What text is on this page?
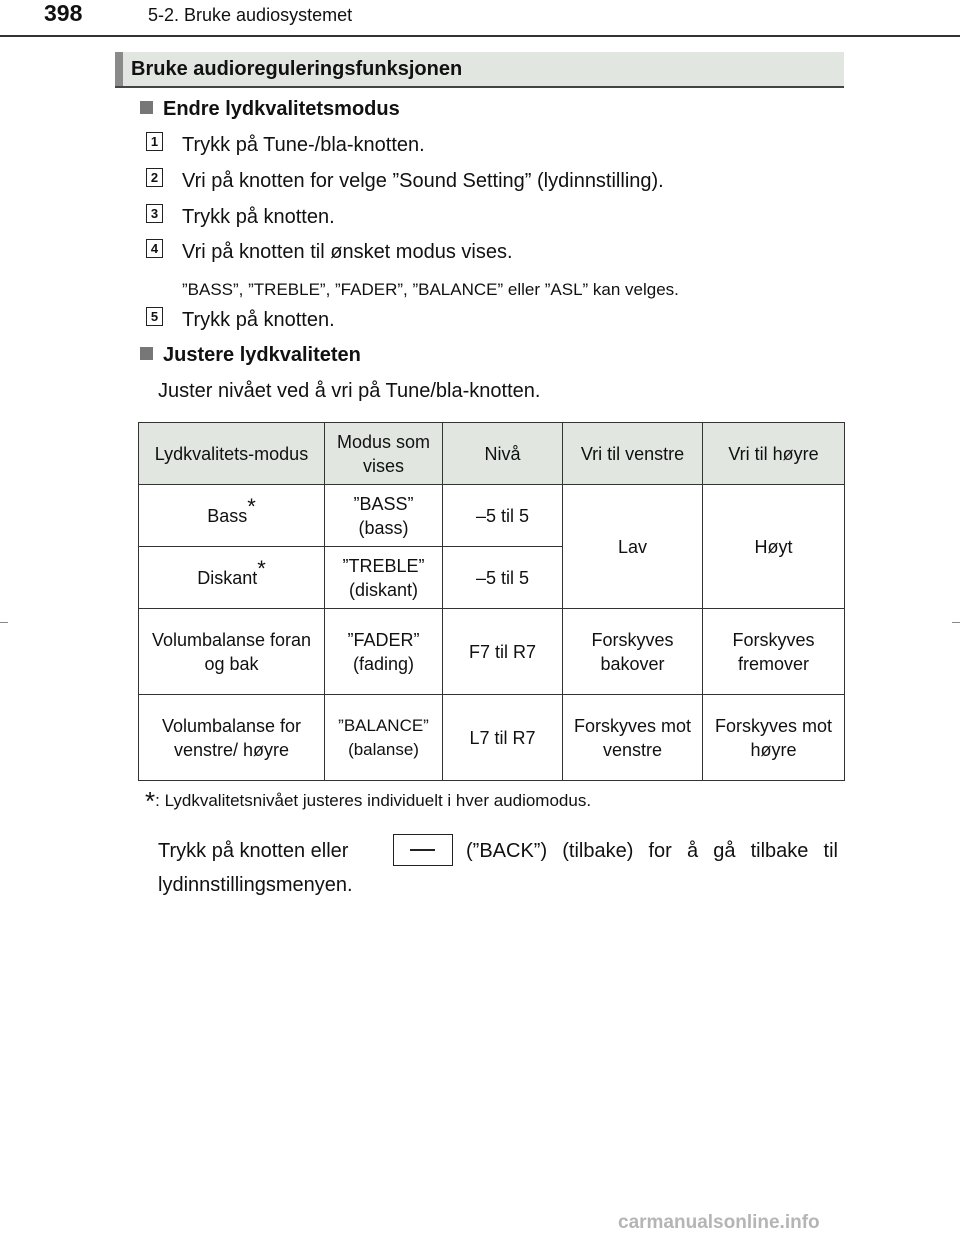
398	5-2. Bruke audiosystemet
Bruke audioreguleringsfunksjonen
Endre lydkvalitetsmodus
1 Trykk på Tune-/bla-knotten.
2 Vri på knotten for velge ”Sound Setting” (lydinnstilling).
3 Trykk på knotten.
4 Vri på knotten til ønsket modus vises.
”BASS”, ”TREBLE”, ”FADER”, ”BALANCE” eller ”ASL” kan velges.
5 Trykk på knotten.
Justere lydkvaliteten
Juster nivået ved å vri på Tune/bla-knotten.
Lydkvalitets-modus	Modus som vises	Nivå	Vri til venstre	Vri til høyre
Bass*	”BASS” (bass)	–5 til 5	Lav	Høyt
Diskant*	”TREBLE” (diskant)	–5 til 5		
Volumbalanse foran og bak	”FADER” (fading)	F7 til R7	Forskyves bakover	Forskyves fremover
Volumbalanse for venstre/ høyre	”BALANCE” (balanse)	L7 til R7	Forskyves mot venstre	Forskyves mot høyre
*: Lydkvalitetsnivået justeres individuelt i hver audiomodus.
Trykk på knotten eller	(”BACK”) (tilbake) for å gå tilbake til
lydinnstillingsmenyen.
carmanualsonline.info
